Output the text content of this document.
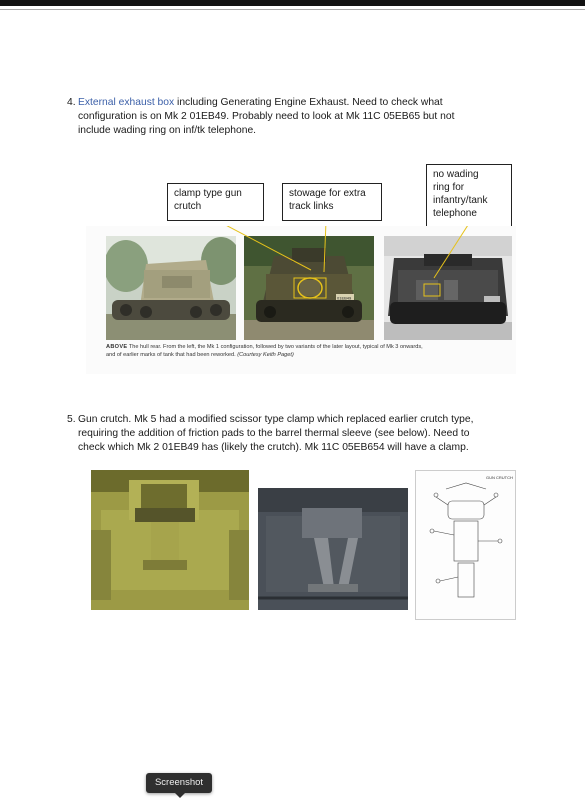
4. External exhaust box including Generating Engine Exhaust. Need to check what
configuration is on Mk 2 01EB49. Probably need to look at Mk 11C 05EB65 but not
include wading ring on inf/tk telephone.
clamp type gun
crutch
stowage for extra
track links
no wading
ring for
infantry/tank
telephone
01EB49
ABOVE The hull rear. From the left, the Mk 1 configuration, followed by two variants of the later layout, typical of Mk 3 onwards,
and of earlier marks of tank that had been reworked. (Courtesy Keith Paget)
5. Gun crutch. Mk 5 had a modified scissor type clamp which replaced earlier crutch type,
requiring the addition of friction pads to the barrel thermal sleeve (see below). Need to
check which Mk 2 01EB49 has (likely the crutch). Mk 11C 05EB654 will have a clamp.
GUN CRUTCH
Screenshot
